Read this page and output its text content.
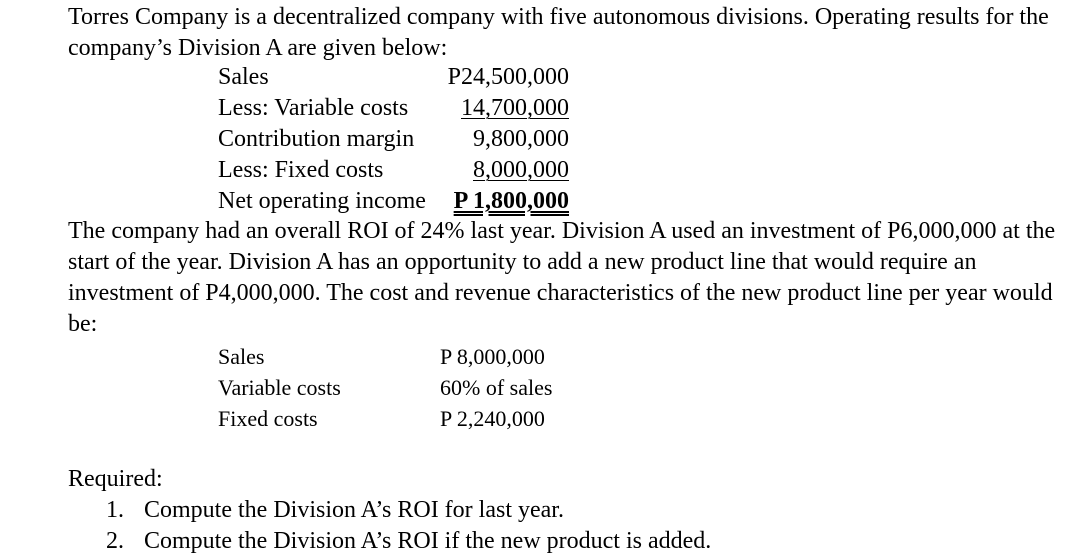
Torres Company is a decentralized company with five autonomous divisions. Operating results for the company’s Division A are given below:

Sales	P24,500,000
Less: Variable costs	14,700,000
Contribution margin 9,800,000
Less: Fixed costs	8,000,000
Net operating income P 1,800,000

The company had an overall ROI of 24% last year. Division A used an investment of P6,000,000 at the start of the year. Division A has an opportunity to add a new product line that would require an investment of P4,000,000. The cost and revenue characteristics of the new product line per year would be:

Sales	P 8,000,000
Variable costs	60% of sales
Fixed costs	P 2,240,000
Required:
1. Compute the Division A’s ROI for last year.
2. Compute the Division A’s ROI if the new product is added.
